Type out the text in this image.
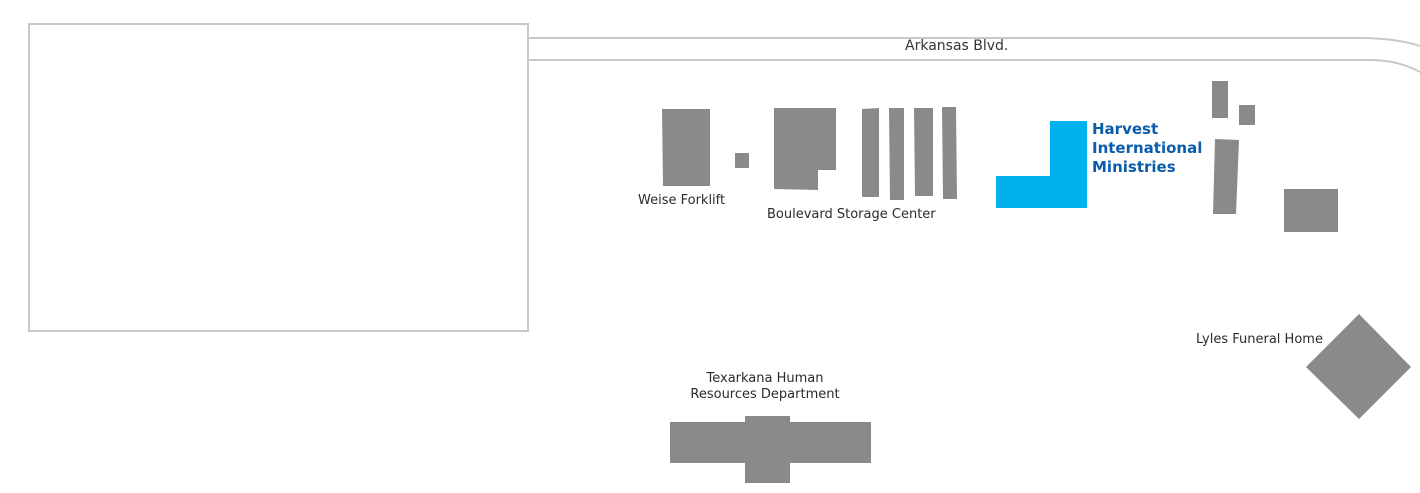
Arkansas Blvd.
Weise Forklift
Boulevard Storage Center
Harvest
International
Ministries
Lyles Funeral Home
Texarkana Human
Resources Department
